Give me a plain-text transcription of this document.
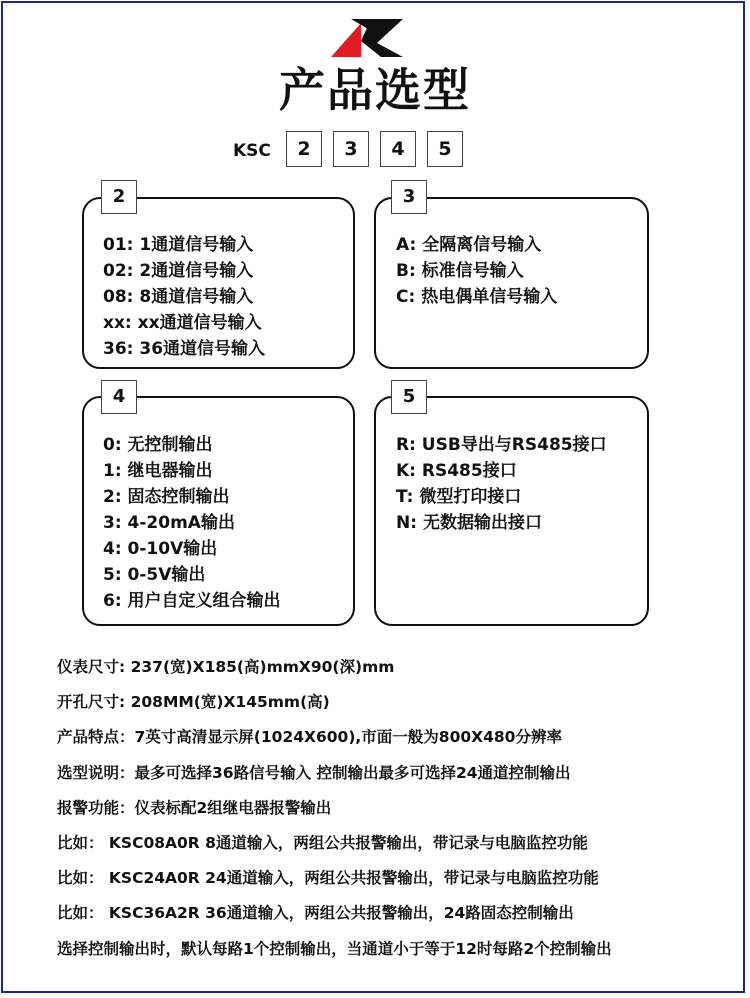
产品选型
KSC	2	3	4	5
01: 1通道信号输入
02: 2通道信号输入
08: 8通道信号输入
xx: xx通道信号输入
36: 36通道信号输入
2
A: 全隔离信号输入
B: 标准信号输入
C: 热电偶单信号输入
3
0: 无控制输出
1: 继电器输出
2: 固态控制输出
3: 4-20mA输出
4: 0-10V输出
5: 0-5V输出
6: 用户自定义组合输出
4
R: USB导出与RS485接口
K: RS485接口
T: 微型打印接口
N: 无数据输出接口
5
仪表尺寸: 237(宽)X185(高)mmX90(深)mm
开孔尺寸: 208MM(宽)X145mm(高)
产品特点：7英寸高清显示屏(1024X600),市面一般为800X480分辨率
选型说明：最多可选择36路信号输入 控制输出最多可选择24通道控制输出
报警功能：仪表标配2组继电器报警输出
比如： KSC08A0R 8通道输入，两组公共报警输出，带记录与电脑监控功能
比如： KSC24A0R 24通道输入，两组公共报警输出，带记录与电脑监控功能
比如： KSC36A2R 36通道输入，两组公共报警输出，24路固态控制输出
选择控制输出时，默认每路1个控制输出，当通道小于等于12时每路2个控制输出
